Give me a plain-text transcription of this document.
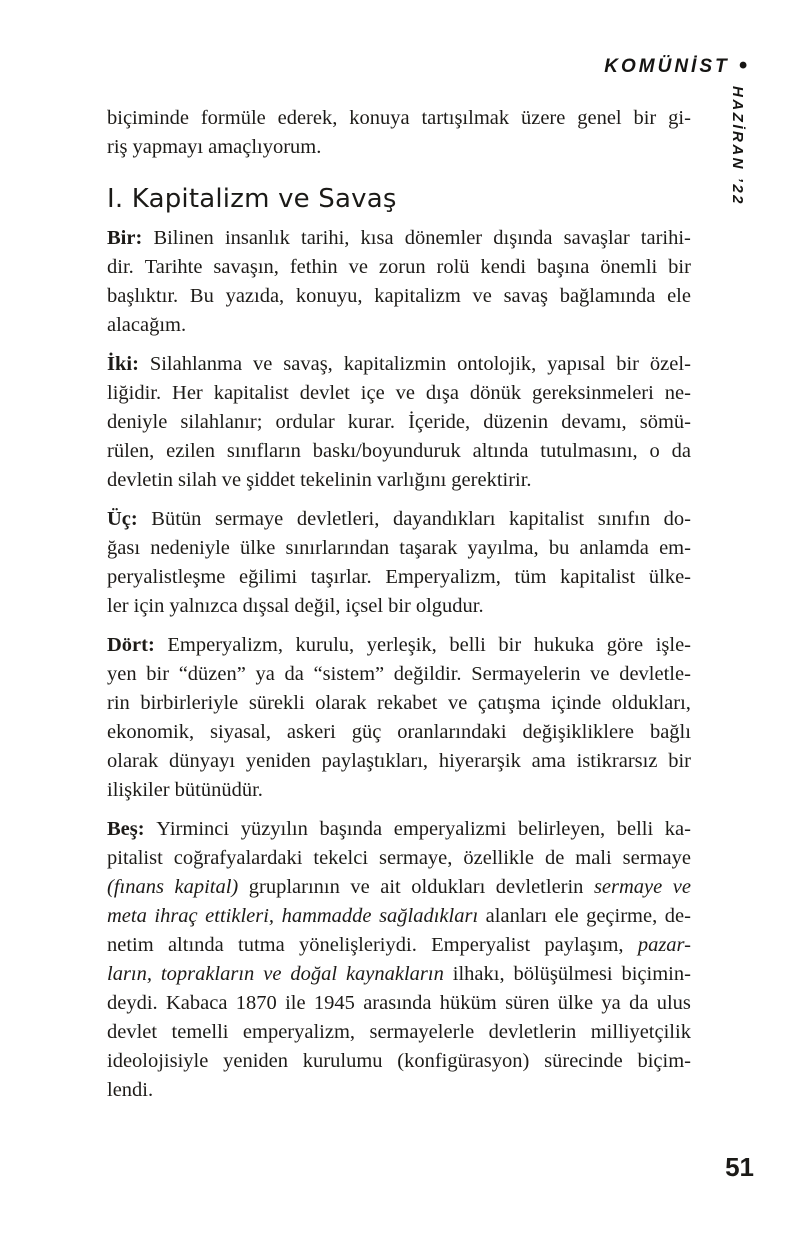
KOMÜNİST •
HAZİRAN ’22
biçiminde formüle ederek, konuya tartışılmak üzere genel bir gi-
riş yapmayı amaçlıyorum.
I. Kapitalizm ve Savaş
Bir: Bilinen insanlık tarihi, kısa dönemler dışında savaşlar tarihi-
dir. Tarihte savaşın, fethin ve zorun rolü kendi başına önemli bir
başlıktır. Bu yazıda, konuyu, kapitalizm ve savaş bağlamında ele
alacağım.
İki: Silahlanma ve savaş, kapitalizmin ontolojik, yapısal bir özel-
liğidir. Her kapitalist devlet içe ve dışa dönük gereksinmeleri ne-
deniyle silahlanır; ordular kurar. İçeride, düzenin devamı, sömü-
rülen, ezilen sınıfların baskı/boyunduruk altında tutulmasını, o da
devletin silah ve şiddet tekelinin varlığını gerektirir.
Üç: Bütün sermaye devletleri, dayandıkları kapitalist sınıfın do-
ğası nedeniyle ülke sınırlarından taşarak yayılma, bu anlamda em-
peryalistleşme eğilimi taşırlar. Emperyalizm, tüm kapitalist ülke-
ler için yalnızca dışsal değil, içsel bir olgudur.
Dört: Emperyalizm, kurulu, yerleşik, belli bir hukuka göre işle-
yen bir “düzen” ya da “sistem” değildir. Sermayelerin ve devletle-
rin birbirleriyle sürekli olarak rekabet ve çatışma içinde oldukları,
ekonomik, siyasal, askeri güç oranlarındaki değişikliklere bağlı
olarak dünyayı yeniden paylaştıkları, hiyerarşik ama istikrarsız bir
ilişkiler bütünüdür.
Beş: Yirminci yüzyılın başında emperyalizmi belirleyen, belli ka-
pitalist coğrafyalardaki tekelci sermaye, özellikle de mali sermaye
(fınans kapital) gruplarının ve ait oldukları devletlerin sermaye ve
meta ihraç ettikleri, hammadde sağladıkları alanları ele geçirme, de-
netim altında tutma yönelişleriydi. Emperyalist paylaşım, pazar-
ların, toprakların ve doğal kaynakların ilhakı, bölüşülmesi biçimin-
deydi. Kabaca 1870 ile 1945 arasında hüküm süren ülke ya da ulus
devlet temelli emperyalizm, sermayelerle devletlerin milliyetçilik
ideolojisiyle yeniden kurulumu (konfigürasyon) sürecinde biçim-
lendi.
51
